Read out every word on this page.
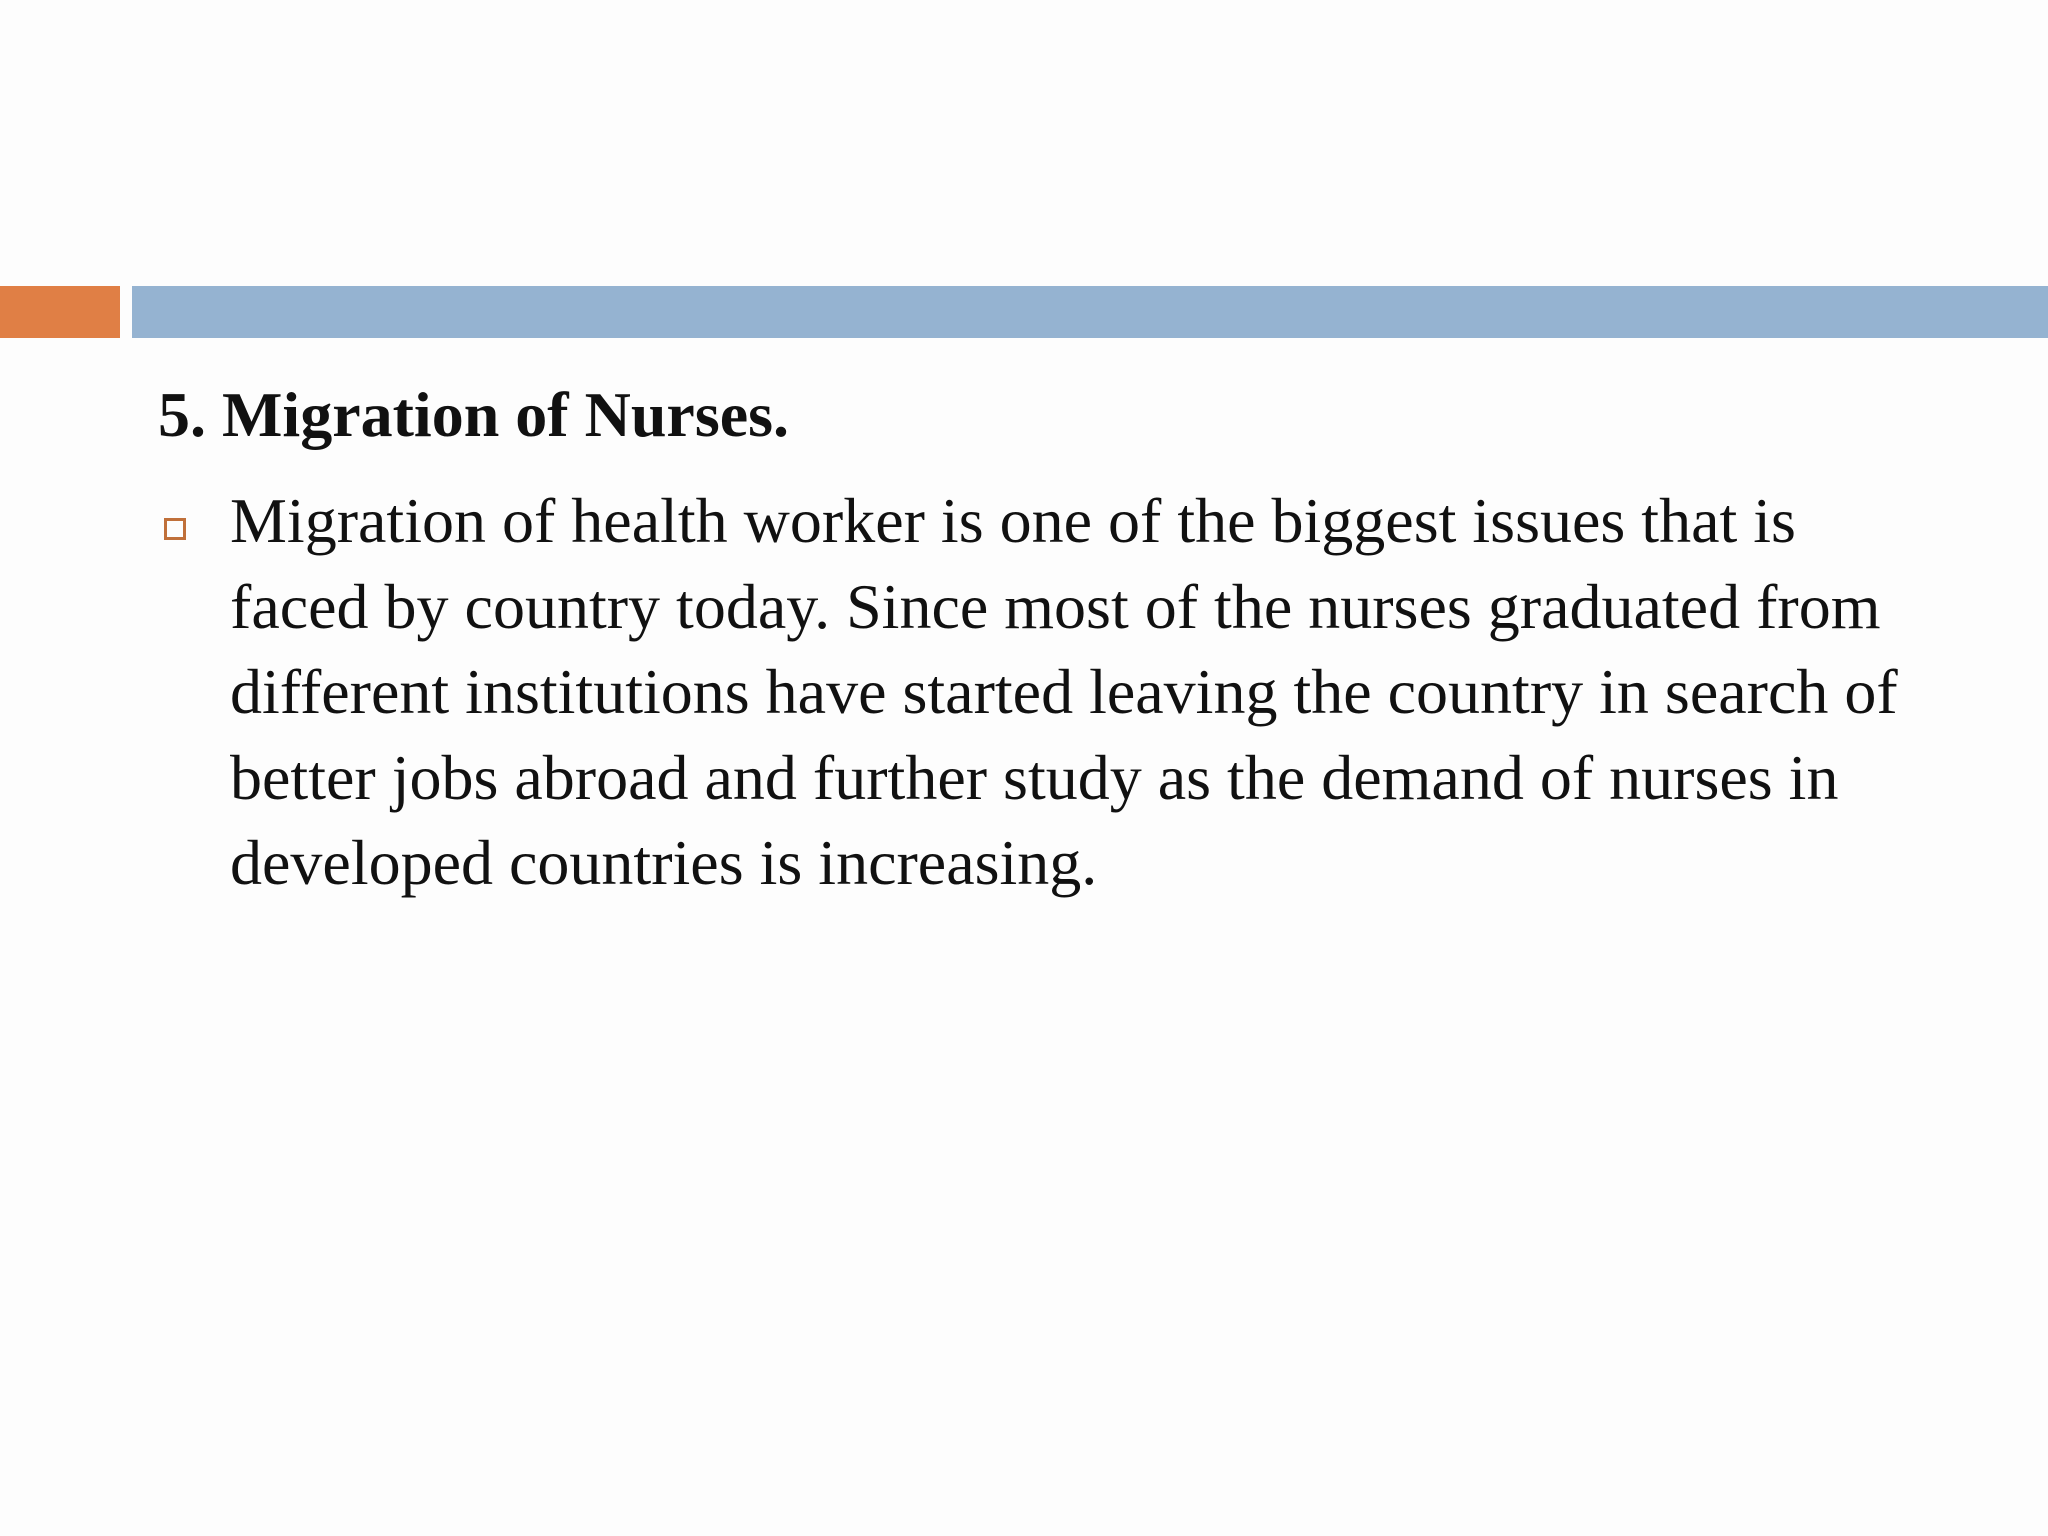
5. Migration of Nurses.

Migration of health worker is one of the biggest issues that is faced by country today. Since most of the nurses graduated from different institutions have started leaving the country in search of better jobs abroad and further study as the demand of nurses in developed countries is increasing.
